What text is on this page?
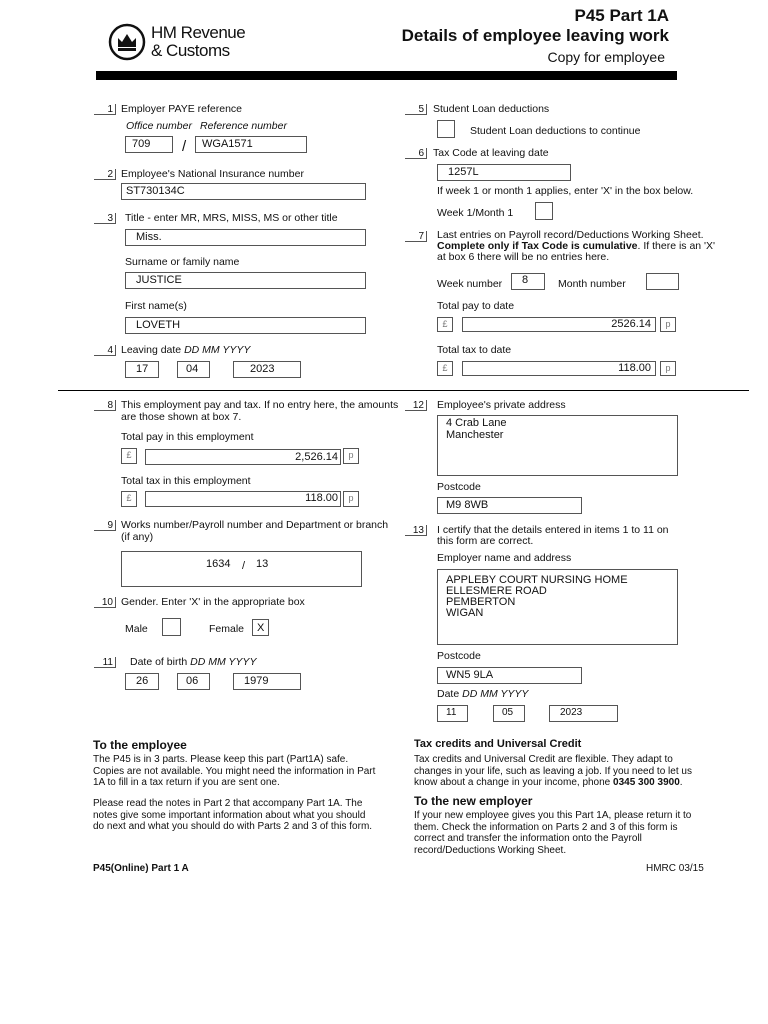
HM Revenue
& Customs
P45 Part 1A
Details of employee leaving work
Copy for employee
1 Employer PAYE reference
Office number Reference number
709	/	WGA1571
2 Employee's National Insurance number
ST730134C
3 Title - enter MR, MRS, MISS, MS or other title
Miss.
Surname or family name
JUSTICE
First name(s)
LOVETH
4 Leaving date DD MM YYYY
17	04	2023
5 Student Loan deductions
Student Loan deductions to continue
6 Tax Code at leaving date
1257L
If week 1 or month 1 applies, enter 'X' in the box below.
Week 1/Month 1
7 Last entries on Payroll record/Deductions Working Sheet.
Complete only if Tax Code is cumulative. If there is an 'X'
at box 6 there will be no entries here.
Week number	8	Month number
Total pay to date
£	2526.14	p
Total tax to date
£	118.00	p
8 This employment pay and tax. If no entry here, the amounts are those shown at box 7.
Total pay in this employment
£	2,526.14	p
Total tax in this employment
£	118.00	p
9 Works number/Payroll number and Department or branch (if any)
1634 / 13
10 Gender. Enter 'X' in the appropriate box
Male	Female	X
11 Date of birth DD MM YYYY
26	06	1979
12 Employee's private address
4 Crab Lane
Manchester
Postcode
M9 8WB
13 I certify that the details entered in items 1 to 11 on
this form are correct.
Employer name and address
APPLEBY COURT NURSING HOME
ELLESMERE ROAD
PEMBERTON
WIGAN
Postcode
WN5 9LA
Date DD MM YYYY
11	05	2023
To the employee
The P45 is in 3 parts. Please keep this part (Part1A) safe. Copies are not available. You might need the information in Part 1A to fill in a tax return if you are sent one.
Please read the notes in Part 2 that accompany Part 1A. The notes give some important information about what you should do next and what you should do with Parts 2 and 3 of this form.
Tax credits and Universal Credit
Tax credits and Universal Credit are flexible. They adapt to changes in your life, such as leaving a job. If you need to let us know about a change in your income, phone 0345 300 3900.
To the new employer
If your new employee gives you this Part 1A, please return it to them. Check the information on Parts 2 and 3 of this form is correct and transfer the information onto the Payroll record/Deductions Working Sheet.
P45(Online) Part 1 A	HMRC 03/15
